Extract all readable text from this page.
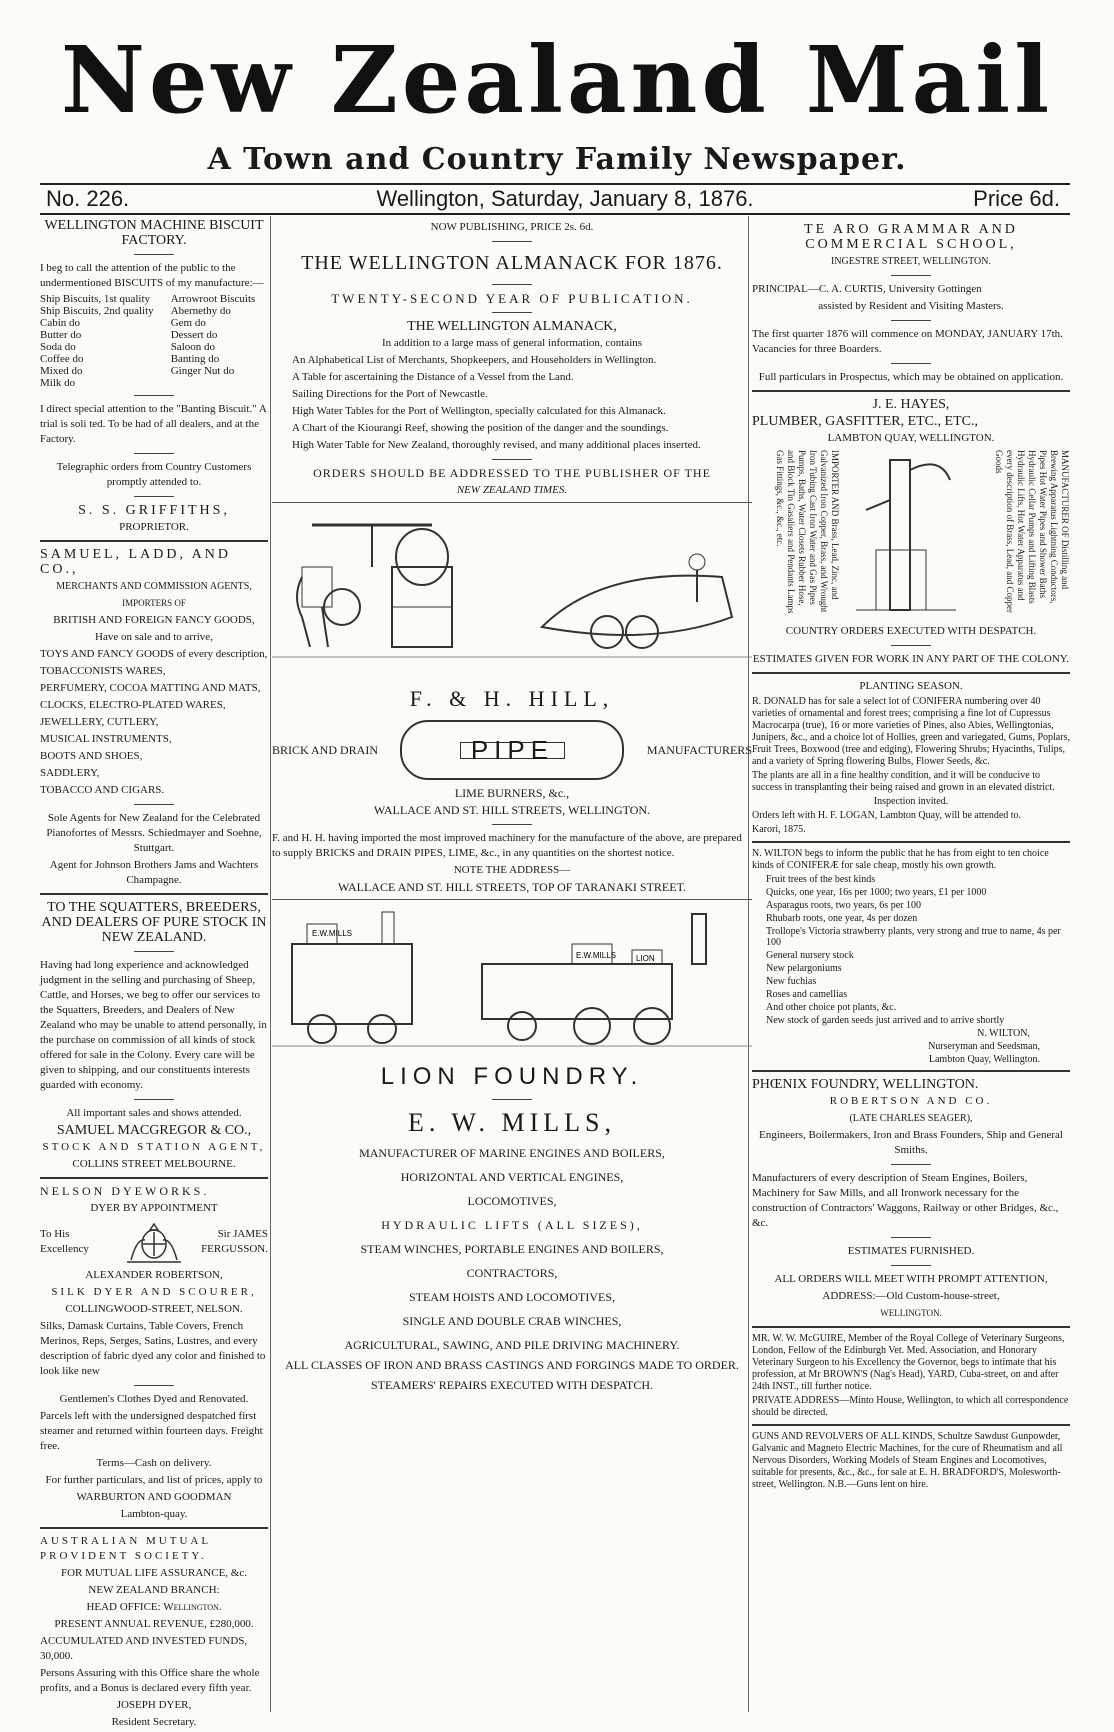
New Zealand Mail
A Town and Country Family Newspaper.
No. 226.	Wellington, Saturday, January 8, 1876.	Price 6d.

WELLINGTON MACHINE BISCUIT FACTORY.

I beg to call the attention of the public to the undermentioned BISCUITS of my manufacture:—

Ship Biscuits, 1st quality	Arrowroot Biscuits
Ship Biscuits, 2nd quality	Abernethy do
Cabin do	Gem do
Butter do	Dessert do
Soda do	Saloon do
Coffee do	Banting do
Mixed do	Ginger Nut do
Milk do	

I direct special attention to the "Banting Biscuit." A trial is soli ted. To be had of all dealers, and at the Factory.

Telegraphic orders from Country Customers promptly attended to.

S. S. GRIFFITHS,

PROPRIETOR.

SAMUEL, LADD, AND CO.,

MERCHANTS AND COMMISSION AGENTS,

IMPORTERS OF

BRITISH AND FOREIGN FANCY GOODS,

Have on sale and to arrive,

TOYS AND FANCY GOODS of every description,

TOBACCONISTS WARES,

PERFUMERY, COCOA MATTING AND MATS,

CLOCKS, ELECTRO-PLATED WARES,

JEWELLERY, CUTLERY,

MUSICAL INSTRUMENTS,

BOOTS AND SHOES,

SADDLERY,

TOBACCO AND CIGARS.

Sole Agents for New Zealand for the Celebrated Pianofortes of Messrs. Schiedmayer and Soehne, Stuttgart.

Agent for Johnson Brothers Jams and Wachters Champagne.

TO THE SQUATTERS, BREEDERS, AND DEALERS OF PURE STOCK IN NEW ZEALAND.

Having had long experience and acknowledged judgment in the selling and purchasing of Sheep, Cattle, and Horses, we beg to offer our services to the Squatters, Breeders, and Dealers of New Zealand who may be unable to attend personally, in the purchase on commission of all kinds of stock offered for sale in the Colony. Every care will be given to shipping, and our constituents interests guarded with economy.

All important sales and shows attended.

SAMUEL MACGREGOR & CO.,

STOCK AND STATION AGENT,

COLLINS STREET MELBOURNE.

NELSON DYEWORKS.

DYER BY APPOINTMENT

To His Excellency
Sir JAMES FERGUSSON.

ALEXANDER ROBERTSON,

SILK DYER AND SCOURER,

COLLINGWOOD-STREET, NELSON.

Silks, Damask Curtains, Table Covers, French Merinos, Reps, Serges, Satins, Lustres, and every description of fabric dyed any color and finished to look like new

Gentlemen's Clothes Dyed and Renovated.

Parcels left with the undersigned despatched first steamer and returned within fourteen days. Freight free.

Terms—Cash on delivery.

For further particulars, and list of prices, apply to

WARBURTON AND GOODMAN

Lambton-quay.

AUSTRALIAN MUTUAL PROVIDENT SOCIETY.

FOR MUTUAL LIFE ASSURANCE, &c.

NEW ZEALAND BRANCH:

HEAD OFFICE: Wellington.

PRESENT ANNUAL REVENUE, £280,000.

ACCUMULATED AND INVESTED FUNDS, 30,000.

Persons Assuring with this Office share the whole profits, and a Bonus is declared every fifth year.

JOSEPH DYER,

Resident Secretary.

NOW PUBLISHING, PRICE 2s. 6d.

THE WELLINGTON ALMANACK FOR 1876.

TWENTY-SECOND YEAR OF PUBLICATION.

THE WELLINGTON ALMANACK,

In addition to a large mass of general information, contains

An Alphabetical List of Merchants, Shopkeepers, and Householders in Wellington.

A Table for ascertaining the Distance of a Vessel from the Land.

Sailing Directions for the Port of Newcastle.

High Water Tables for the Port of Wellington, specially calculated for this Almanack.

A Chart of the Kiourangi Reef, showing the position of the danger and the soundings.

High Water Table for New Zealand, thoroughly revised, and many additional places inserted.

ORDERS SHOULD BE ADDRESSED TO THE PUBLISHER OF THE

NEW ZEALAND TIMES.

F. & H. HILL,

BRICK AND DRAIN	PIPE	MANUFACTURERS

LIME BURNERS, &c.,

WALLACE AND ST. HILL STREETS, WELLINGTON.

F. and H. H. having imported the most improved machinery for the manufacture of the above, are prepared to supply BRICKS and DRAIN PIPES, LIME, &c., in any quantities on the shortest notice.

NOTE THE ADDRESS—

WALLACE AND ST. HILL STREETS, TOP OF TARANAKI STREET.

E.W.MILLS
E.W.MILLS LION

LION FOUNDRY.

E. W. MILLS,

MANUFACTURER OF MARINE ENGINES AND BOILERS,

HORIZONTAL AND VERTICAL ENGINES,

LOCOMOTIVES,

HYDRAULIC LIFTS (ALL SIZES),

STEAM WINCHES, PORTABLE ENGINES AND BOILERS,

CONTRACTORS,

STEAM HOISTS AND LOCOMOTIVES,

SINGLE AND DOUBLE CRAB WINCHES,

AGRICULTURAL, SAWING, AND PILE DRIVING MACHINERY.

ALL CLASSES OF IRON AND BRASS CASTINGS AND FORGINGS MADE TO ORDER.

STEAMERS' REPAIRS EXECUTED WITH DESPATCH.

TE ARO GRAMMAR AND COMMERCIAL SCHOOL,

INGESTRE STREET, WELLINGTON.

PRINCIPAL—C. A. CURTIS, University Gottingen

assisted by Resident and Visiting Masters.

The first quarter 1876 will commence on MONDAY, JANUARY 17th. Vacancies for three Boarders.

Full particulars in Prospectus, which may be obtained on application.

J. E. HAYES,

PLUMBER, GASFITTER, ETC., ETC.,

LAMBTON QUAY, WELLINGTON.

IMPORTER AND Brass, Lead, Zinc, and Galvanized Iron Copper, Brass, and Wrought Iron Tubing Cast Iron Water and Gas Pipes Pumps, Baths, Water Closets Rubber Hose, and Block Tin Gasaliers and Pendants Lamps Gas Fittings, &c., &c., etc.	MANUFACTURER OF Distilling and Brewing Apparatus Lightning Conductors, Pipes Hot Water Pipes and Shower Baths Hydraulic Cellar Pumps and Lifting Blasts Hydraulic Lifts, Hot Water Apparatus and every description of Brass, Lead, and Copper Goods

COUNTRY ORDERS EXECUTED WITH DESPATCH.

ESTIMATES GIVEN FOR WORK IN ANY PART OF THE COLONY.

PLANTING SEASON.

R. DONALD has for sale a select lot of CONIFERA numbering over 40 varieties of ornamental and forest trees; comprising a fine lot of Cupressus Macrocarpa (true), 16 or more varieties of Pines, also Abies, Wellingtonias, Junipers, &c., and a choice lot of Hollies, green and variegated, Gums, Poplars, Fruit Trees, Boxwood (tree and edging), Flowering Shrubs; Hyacinths, Tulips, and a variety of Spring flowering Bulbs, Flower Seeds, &c.

The plants are all in a fine healthy condition, and it will be conducive to success in transplanting their being raised and grown in an elevated district.

Inspection invited.

Orders left with H. F. LOGAN, Lambton Quay, will be attended to.

Karori, 1875.

N. WILTON begs to inform the public that he has from eight to ten choice kinds of CONIFERÆ for sale cheap, mostly his own growth.

Fruit trees of the best kinds

Quicks, one year, 16s per 1000; two years, £1 per 1000

Asparagus roots, two years, 6s per 100

Rhubarb roots, one year, 4s per dozen

Trollope's Victoria strawberry plants, very strong and true to name, 4s per 100

General nursery stock

New pelargoniums

New fuchias

Roses and camellias

And other choice pot plants, &c.

New stock of garden seeds just arrived and to arrive shortly

N. WILTON,

Nurseryman and Seedsman,

Lambton Quay, Wellington.

PHŒNIX FOUNDRY, WELLINGTON.

ROBERTSON AND CO.

(LATE CHARLES SEAGER),

Engineers, Boilermakers, Iron and Brass Founders, Ship and General Smiths.

Manufacturers of every description of Steam Engines, Boilers, Machinery for Saw Mills, and all Ironwork necessary for the construction of Contractors' Waggons, Railway or other Bridges, &c., &c.

ESTIMATES FURNISHED.

ALL ORDERS WILL MEET WITH PROMPT ATTENTION,

ADDRESS:—Old Custom-house-street,

WELLINGTON.

MR. W. W. McGUIRE, Member of the Royal College of Veterinary Surgeons, London, Fellow of the Edinburgh Vet. Med. Association, and Honorary Veterinary Surgeon to his Excellency the Governor, begs to intimate that his profession, at Mr BROWN'S (Nag's Head), YARD, Cuba-street, on and after 24th INST., till further notice.

PRIVATE ADDRESS—Minto House, Wellington, to which all correspondence should be directed.

GUNS AND REVOLVERS OF ALL KINDS, Schultze Sawdust Gunpowder, Galvanic and Magneto Electric Machines, for the cure of Rheumatism and all Nervous Disorders, Working Models of Steam Engines and Locomotives, suitable for presents, &c., &c., for sale at E. H. BRADFORD'S, Molesworth-street, Wellington. N.B.—Guns lent on hire.
